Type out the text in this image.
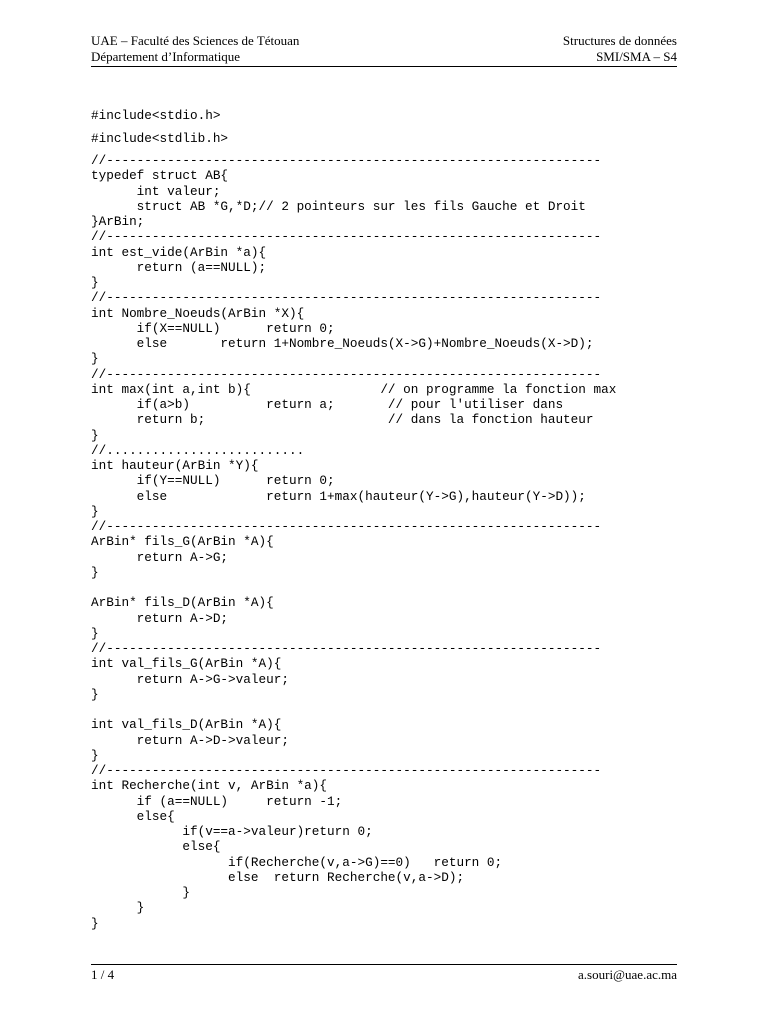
UAE – Faculté des Sciences de Tétouan	Structures de données
Département d’Informatique	SMI/SMA – S4
#include<stdio.h>
#include<stdlib.h>
//-----------------------------------------------------------------
typedef struct AB{
int valeur;
struct AB *G,*D;// 2 pointeurs sur les fils Gauche et Droit
}ArBin;
//-----------------------------------------------------------------
int est_vide(ArBin *a){
return (a==NULL);
}
//-----------------------------------------------------------------
int Nombre_Noeuds(ArBin *X){
if(X==NULL)      return 0;
else       return 1+Nombre_Noeuds(X->G)+Nombre_Noeuds(X->D);
}
//-----------------------------------------------------------------
int max(int a,int b){                 // on programme la fonction max
if(a>b)          return a;       // pour l'utiliser dans
return b;                        // dans la fonction hauteur
}
//..........................
int hauteur(ArBin *Y){
if(Y==NULL)      return 0;
else             return 1+max(hauteur(Y->G),hauteur(Y->D));
}
//-----------------------------------------------------------------
ArBin* fils_G(ArBin *A){
return A->G;
}
ArBin* fils_D(ArBin *A){
return A->D;
}
//-----------------------------------------------------------------
int val_fils_G(ArBin *A){
return A->G->valeur;
}
int val_fils_D(ArBin *A){
return A->D->valeur;
}
//-----------------------------------------------------------------
int Recherche(int v, ArBin *a){
if (a==NULL)     return -1;
else{
if(v==a->valeur)return 0;
else{
if(Recherche(v,a->G)==0)   return 0;
else  return Recherche(v,a->D);
}
}
}
1 / 4	a.souri@uae.ac.ma
